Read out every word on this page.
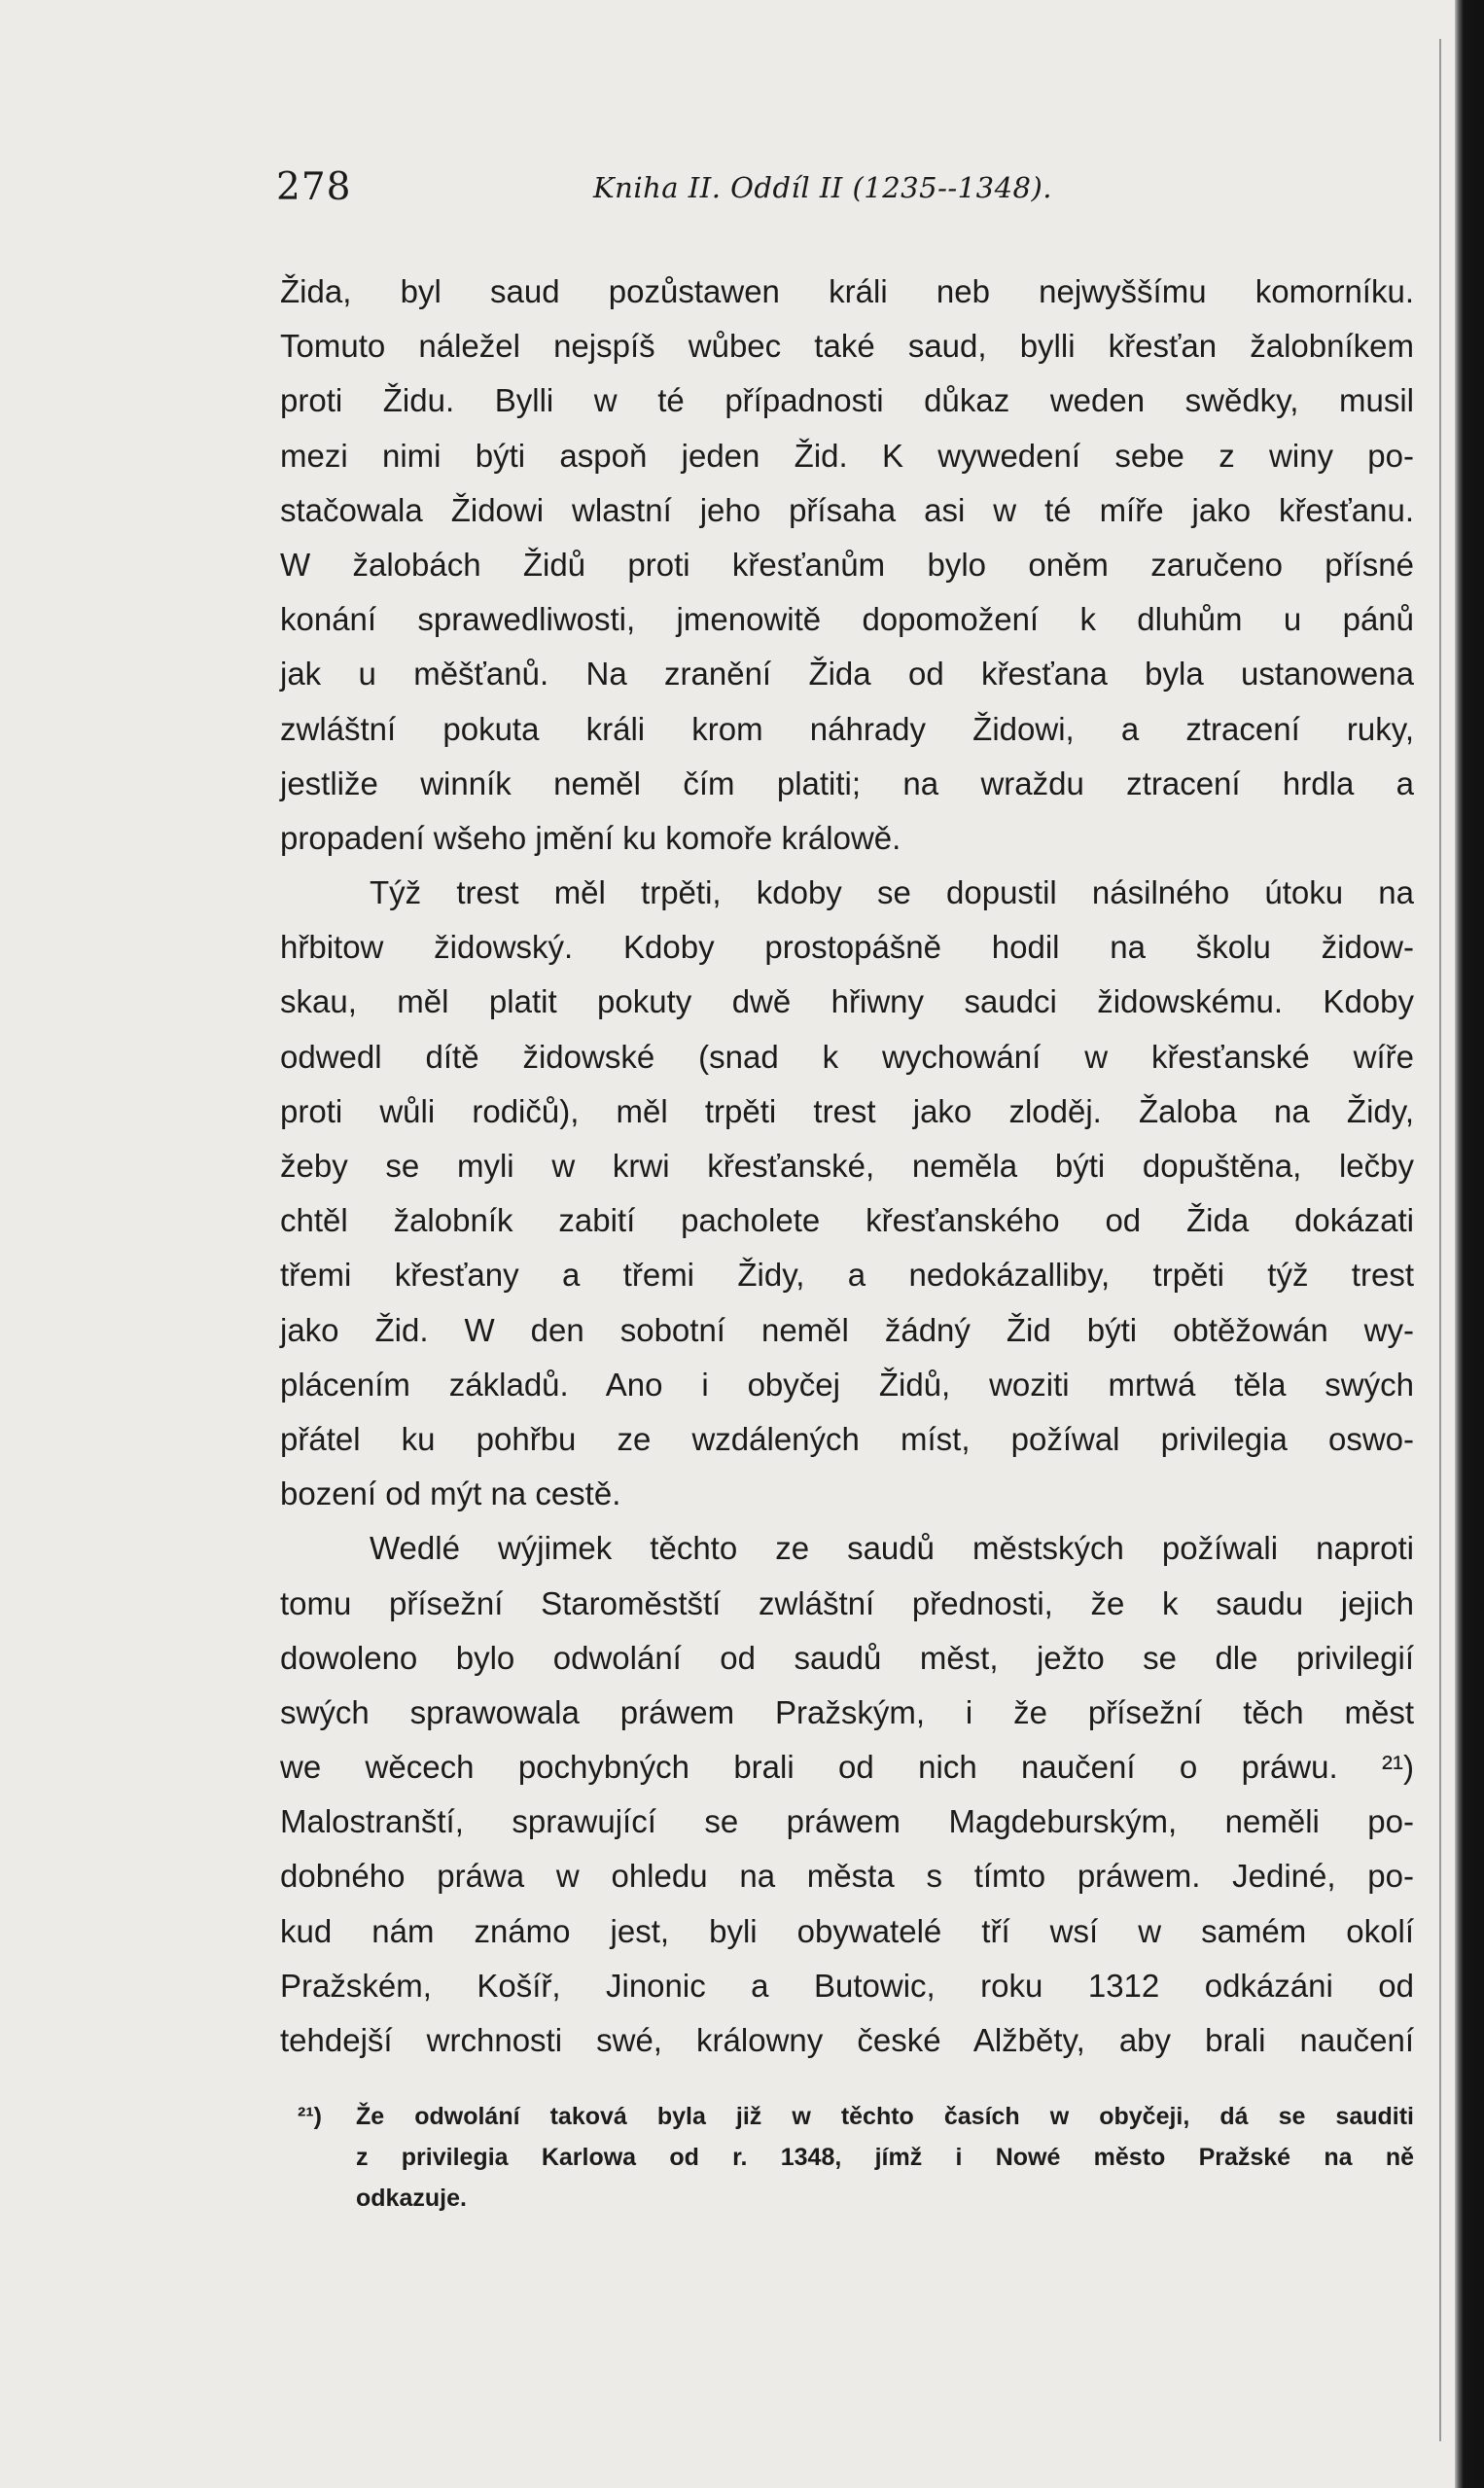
278	Kniha II. Oddíl II (1235--1348).
Žida, byl saud pozůstawen králi neb nejwyššímu komorníku.
Tomuto náležel nejspíš wůbec také saud, bylli křesťan žalobníkem
proti Židu. Bylli w té případnosti důkaz weden swědky, musil
mezi nimi býti aspoň jeden Žid. K wywedení sebe z winy po-
stačowala Židowi wlastní jeho přísaha asi w té míře jako křesťanu.
W žalobách Židů proti křesťanům bylo oněm zaručeno přísné
konání sprawedliwosti, jmenowitě dopomožení k dluhům u pánů
jak u měšťanů. Na zranění Žida od křesťana byla ustanowena
zwláštní pokuta králi krom náhrady Židowi, a ztracení ruky,
jestliže winník neměl čím platiti; na wraždu ztracení hrdla a
propadení wšeho jmění ku komoře králowě.
Týž trest měl trpěti, kdoby se dopustil násilného útoku na
hřbitow židowský. Kdoby prostopášně hodil na školu židow-
skau, měl platit pokuty dwě hřiwny saudci židowskému. Kdoby
odwedl dítě židowské (snad k wychowání w křesťanské wíře
proti wůli rodičů), měl trpěti trest jako zloděj. Žaloba na Židy,
žeby se myli w krwi křesťanské, neměla býti dopuštěna, lečby
chtěl žalobník zabití pacholete křesťanského od Žida dokázati
třemi křesťany a třemi Židy, a nedokázalliby, trpěti týž trest
jako Žid. W den sobotní neměl žádný Žid býti obtěžowán wy-
plácením základů. Ano i obyčej Židů, woziti mrtwá těla swých
přátel ku pohřbu ze wzdálených míst, požíwal privilegia oswo-
bození od mýt na cestě.
Wedlé wýjimek těchto ze saudů městských požíwali naproti
tomu přísežní Staroměstští zwláštní přednosti, že k saudu jejich
dowoleno bylo odwolání od saudů měst, ježto se dle privilegií
swých sprawowala práwem Pražským, i že přísežní těch měst
we wěcech pochybných brali od nich naučení o práwu. ²¹)
Malostranští, sprawující se práwem Magdeburským, neměli po-
dobného práwa w ohledu na města s tímto práwem. Jediné, po-
kud nám známo jest, byli obywatelé tří wsí w samém okolí
Pražském, Košíř, Jinonic a Butowic, roku 1312 odkázáni od
tehdejší wrchnosti swé, králowny české Alžběty, aby brali naučení
²¹) Že odwolání taková byla již w těchto časích w obyčeji, dá se sauditi
z privilegia Karlowa od r. 1348, jímž i Nowé město Pražské na ně
odkazuje.
